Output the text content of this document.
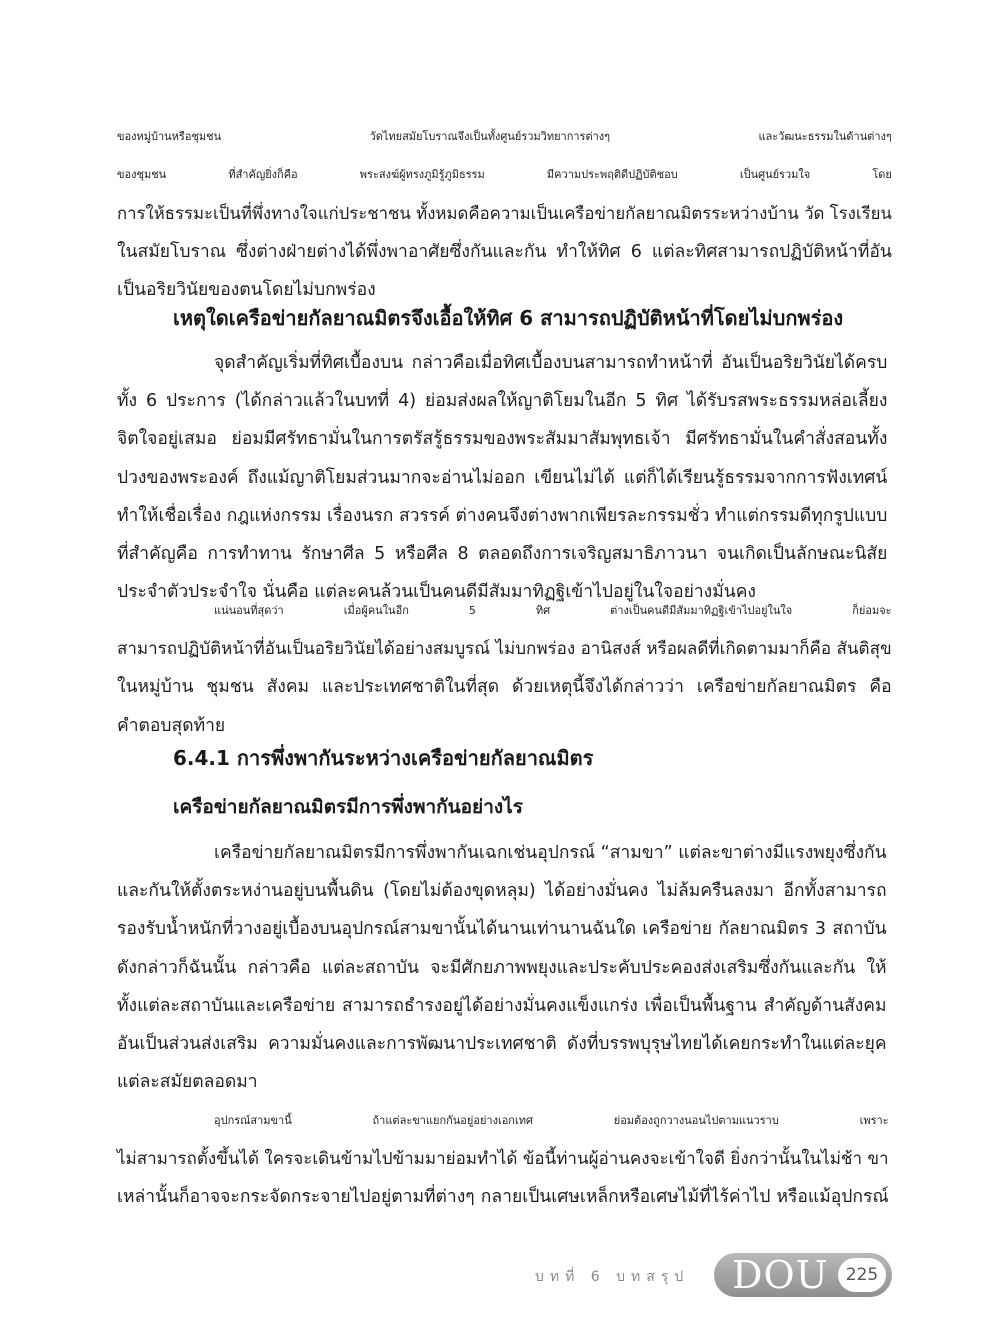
ของหมู่บ้านหรือชุมชน วัดไทยสมัยโบราณจึงเป็นทั้งศูนย์รวมวิทยาการต่างๆ และวัฒนะธรรมในด้านต่างๆ
ของชุมชน ที่สำคัญยิ่งก็คือ พระสงฆ์ผู้ทรงภูมิรู้ภูมิธรรม มีความประพฤติดีปฏิบัติชอบ เป็นศูนย์รวมใจ โดย
การให้ธรรมะเป็นที่พึ่งทางใจแก่ประชาชน ทั้งหมดคือความเป็นเครือข่ายกัลยาณมิตรระหว่างบ้าน วัด โรงเรียน
ในสมัยโบราณ ซึ่งต่างฝ่ายต่างได้พึ่งพาอาศัยซึ่งกันและกัน ทำให้ทิศ 6 แต่ละทิศสามารถปฏิบัติหน้าที่อัน
เป็นอริยวินัยของตนโดยไม่บกพร่อง

เหตุใดเครือข่ายกัลยาณมิตรจึงเอื้อให้ทิศ 6 สามารถปฏิบัติหน้าที่โดยไม่บกพร่อง

จุดสำคัญเริ่มที่ทิศเบื้องบน กล่าวคือเมื่อทิศเบื้องบนสามารถทำหน้าที่ อันเป็นอริยวินัยได้ครบ
ทั้ง 6 ประการ (ได้กล่าวแล้วในบทที่ 4) ย่อมส่งผลให้ญาติโยมในอีก 5 ทิศ ได้รับรสพระธรรมหล่อเลี้ยง
จิตใจอยู่เสมอ ย่อมมีศรัทธามั่นในการตรัสรู้ธรรมของพระสัมมาสัมพุทธเจ้า มีศรัทธามั่นในคำสั่งสอนทั้ง
ปวงของพระองค์ ถึงแม้ญาติโยมส่วนมากจะอ่านไม่ออก เขียนไม่ได้ แต่ก็ได้เรียนรู้ธรรมจากการฟังเทศน์
ทำให้เชื่อเรื่อง กฎแห่งกรรม เรื่องนรก สวรรค์ ต่างคนจึงต่างพากเพียรละกรรมชั่ว ทำแต่กรรมดีทุกรูปแบบ
ที่สำคัญคือ การทำทาน รักษาศีล 5 หรือศีล 8 ตลอดถึงการเจริญสมาธิภาวนา จนเกิดเป็นลักษณะนิสัย
ประจำตัวประจำใจ นั่นคือ แต่ละคนล้วนเป็นคนดีมีสัมมาทิฏฐิเข้าไปอยู่ในใจอย่างมั่นคง

แน่นอนที่สุดว่า เมื่อผู้คนในอีก 5 ทิศ ต่างเป็นคนดีมีสัมมาทิฏฐิเข้าไปอยู่ในใจ ก็ย่อมจะ
สามารถปฏิบัติหน้าที่อันเป็นอริยวินัยได้อย่างสมบูรณ์ ไม่บกพร่อง อานิสงส์ หรือผลดีที่เกิดตามมาก็คือ สันติสุข
ในหมู่บ้าน ชุมชน สังคม และประเทศชาติในที่สุด ด้วยเหตุนี้จึงได้กล่าวว่า เครือข่ายกัลยาณมิตร คือ
คำตอบสุดท้าย

6.4.1 การพึ่งพากันระหว่างเครือข่ายกัลยาณมิตร
เครือข่ายกัลยาณมิตรมีการพึ่งพากันอย่างไร

เครือข่ายกัลยาณมิตรมีการพึ่งพากันเฉกเช่นอุปกรณ์ “สามขา” แต่ละขาต่างมีแรงพยุงซึ่งกัน
และกันให้ตั้งตระหง่านอยู่บนพื้นดิน (โดยไม่ต้องขุดหลุม) ได้อย่างมั่นคง ไม่ล้มครืนลงมา อีกทั้งสามารถ
รองรับน้ำหนักที่วางอยู่เบื้องบนอุปกรณ์สามขานั้นได้นานเท่านานฉันใด เครือข่าย กัลยาณมิตร 3 สถาบัน
ดังกล่าวก็ฉันนั้น กล่าวคือ แต่ละสถาบัน จะมีศักยภาพพยุงและประคับประคองส่งเสริมซึ่งกันและกัน ให้
ทั้งแต่ละสถาบันและเครือข่าย สามารถธำรงอยู่ได้อย่างมั่นคงแข็งแกร่ง เพื่อเป็นพื้นฐาน สำคัญด้านสังคม
อันเป็นส่วนส่งเสริม ความมั่นคงและการพัฒนาประเทศชาติ ดังที่บรรพบุรุษไทยได้เคยกระทำในแต่ละยุค
แต่ละสมัยตลอดมา

อุปกรณ์สามขานี้ ถ้าแต่ละขาแยกกันอยู่อย่างเอกเทศ ย่อมต้องถูกวางนอนไปตามแนวราบ เพราะ
ไม่สามารถตั้งขึ้นได้ ใครจะเดินข้ามไปข้ามมาย่อมทำได้ ข้อนี้ท่านผู้อ่านคงจะเข้าใจดี ยิ่งกว่านั้นในไม่ช้า ขา
เหล่านั้นก็อาจจะกระจัดกระจายไปอยู่ตามที่ต่างๆ กลายเป็นเศษเหล็กหรือเศษไม้ที่ไร้ค่าไป หรือแม้อุปกรณ์

บทที่ 6 บทสรุป DOU	225
